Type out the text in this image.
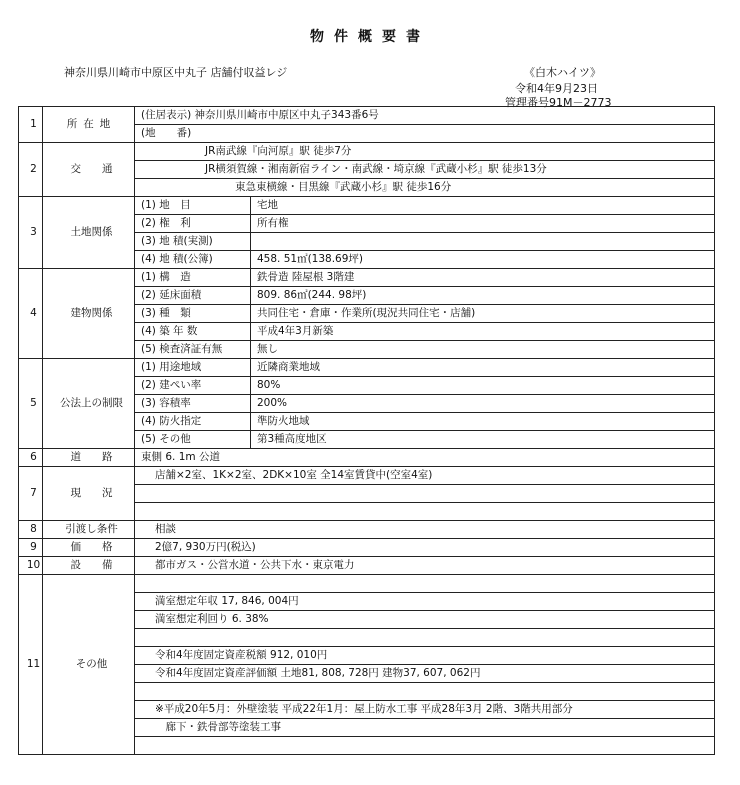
物件概要書
神奈川県川崎市中原区中丸子 店舗付収益レジ	《白木ハイツ》
令和4年9月23日
管理番号91M－2773
1	所在地	(住居表示) 神奈川県川崎市中原区中丸子343番6号	
		(地　　番)	
2	交　　通	JR南武線『向河原』駅 徒歩7分	
		JR横須賀線・湘南新宿ライン・南武線・埼京線『武蔵小杉』駅 徒歩13分	
		東急東横線・目黒線『武蔵小杉』駅 徒歩16分	
3	土地関係	(1) 地　目	宅地
		(2) 権　利	所有権
		(3) 地 積(実測)	
		(4) 地 積(公簿)	458. 51㎡(138.69坪)
4	建物関係	(1) 構　造	鉄骨造 陸屋根 3階建
		(2) 延床面積	809. 86㎡(244. 98坪)
		(3) 種　類	共同住宅・倉庫・作業所(現況共同住宅・店舗)
		(4) 築 年 数	平成4年3月新築
		(5) 検査済証有無	無し
5	公法上の制限	(1) 用途地域	近隣商業地域
		(2) 建ぺい率	80%
		(3) 容積率	200%
		(4) 防火指定	準防火地域
		(5) その他	第3種高度地区
6	道　　路	東側 6. 1m 公道	
7	現　　況	店舗×2室、1K×2室、2DK×10室 全14室賃貸中(空室4室)	

8	引渡し条件	相談	
9	価　　格	2億7, 930万円(税込)	
10	設　　備	都市ガス・公営水道・公共下水・東京電力	
11	その他		
		満室想定年収 17, 846, 004円	
		満室想定利回り 6. 38%	

		令和4年度固定資産税額 912, 010円	
		令和4年度固定資産評価額 土地81, 808, 728円 建物37, 607, 062円	

		※平成20年5月：外壁塗装 平成22年1月：屋上防水工事 平成28年3月 2階、3階共用部分	
		　廊下・鉄骨部等塗装工事	
